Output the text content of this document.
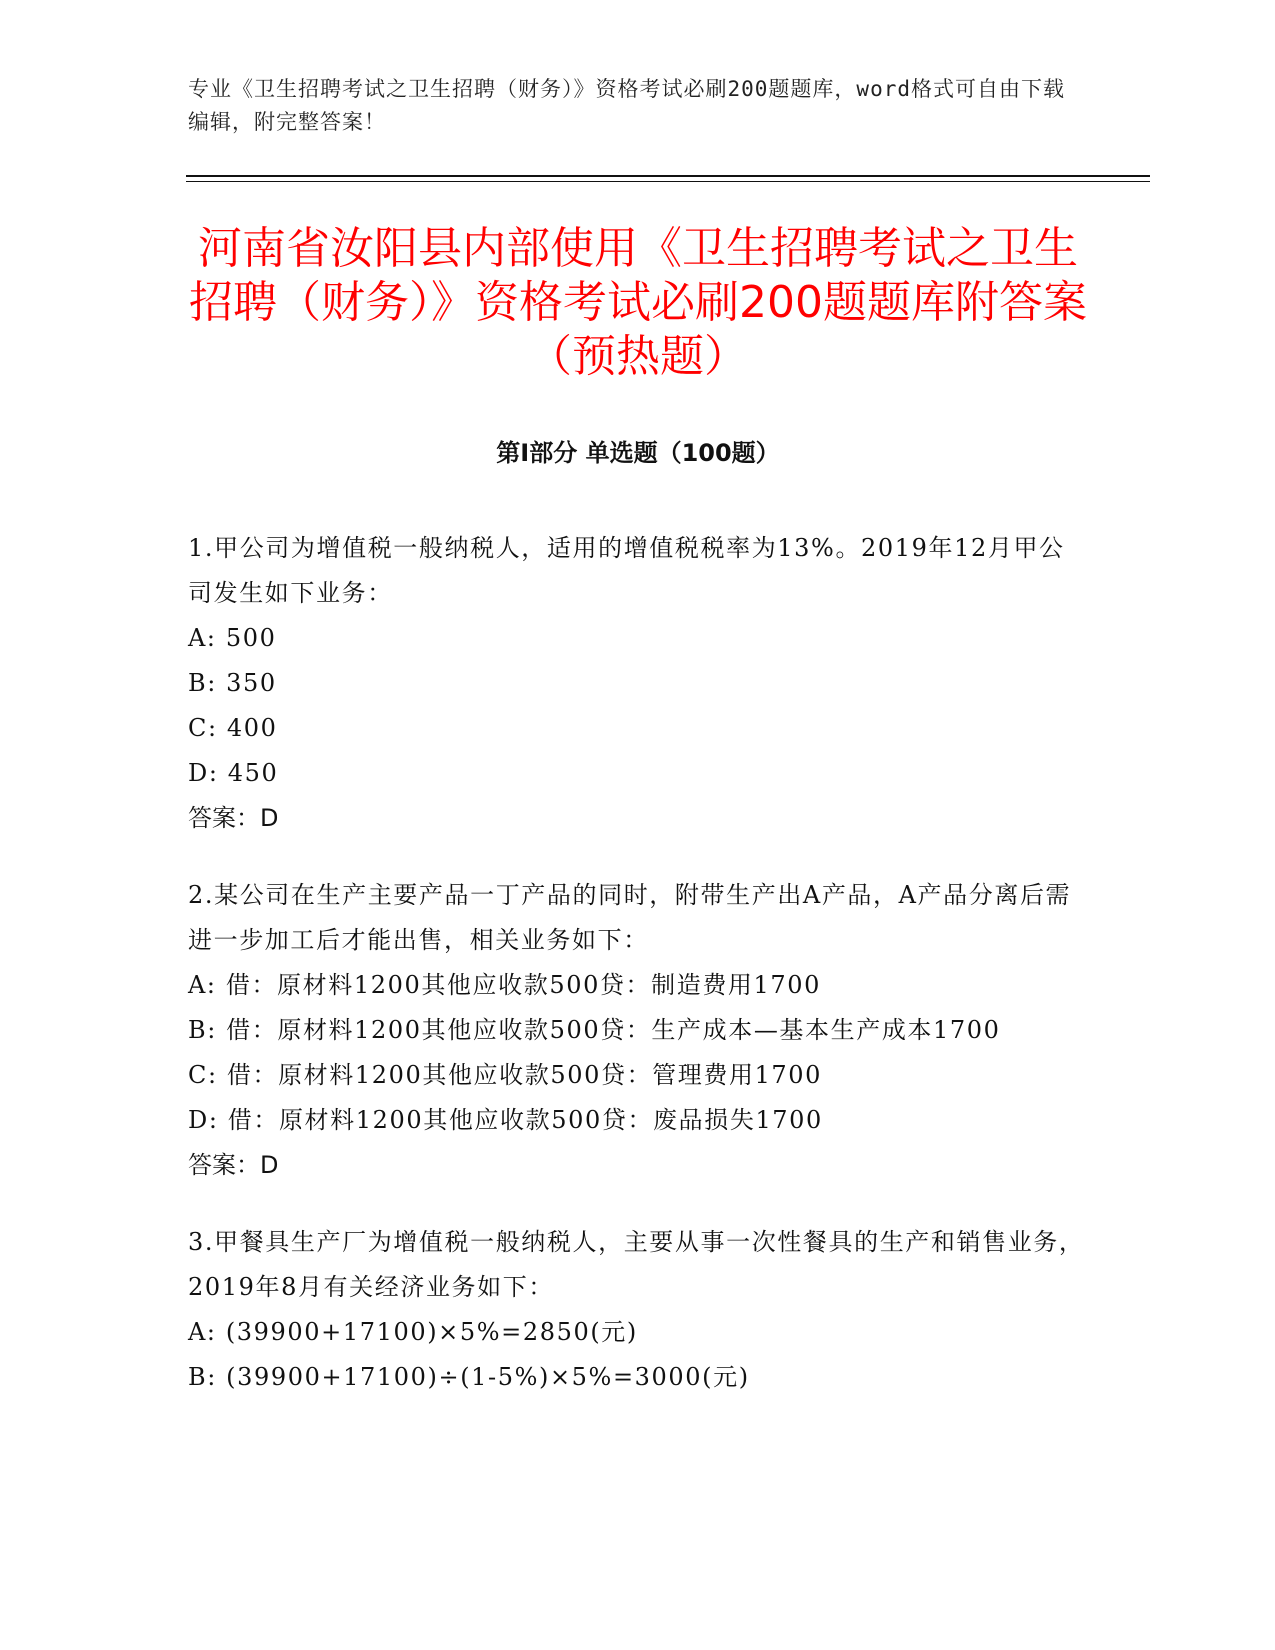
专业《卫生招聘考试之卫生招聘（财务）》资格考试必刷200题题库，word格式可自由下载编辑，附完整答案！
河南省汝阳县内部使用《卫生招聘考试之卫生招聘（财务）》资格考试必刷200题题库附答案（预热题）
第I部分 单选题（100题）

1.甲公司为增值税一般纳税人，适用的增值税税率为13%。2019年12月甲公司发生如下业务：

A: 500

B: 350

C: 400

D: 450

答案：D

2.某公司在生产主要产品一丁产品的同时，附带生产出A产品，A产品分离后需进一步加工后才能出售，相关业务如下：

A: 借：原材料1200其他应收款500贷：制造费用1700

B: 借：原材料1200其他应收款500贷：生产成本—基本生产成本1700

C: 借：原材料1200其他应收款500贷：管理费用1700

D: 借：原材料1200其他应收款500贷：废品损失1700

答案：D

3.甲餐具生产厂为增值税一般纳税人，主要从事一次性餐具的生产和销售业务，2019年8月有关经济业务如下：

A: (39900+17100)×5%=2850(元)

B: (39900+17100)÷(1-5%)×5%=3000(元)
